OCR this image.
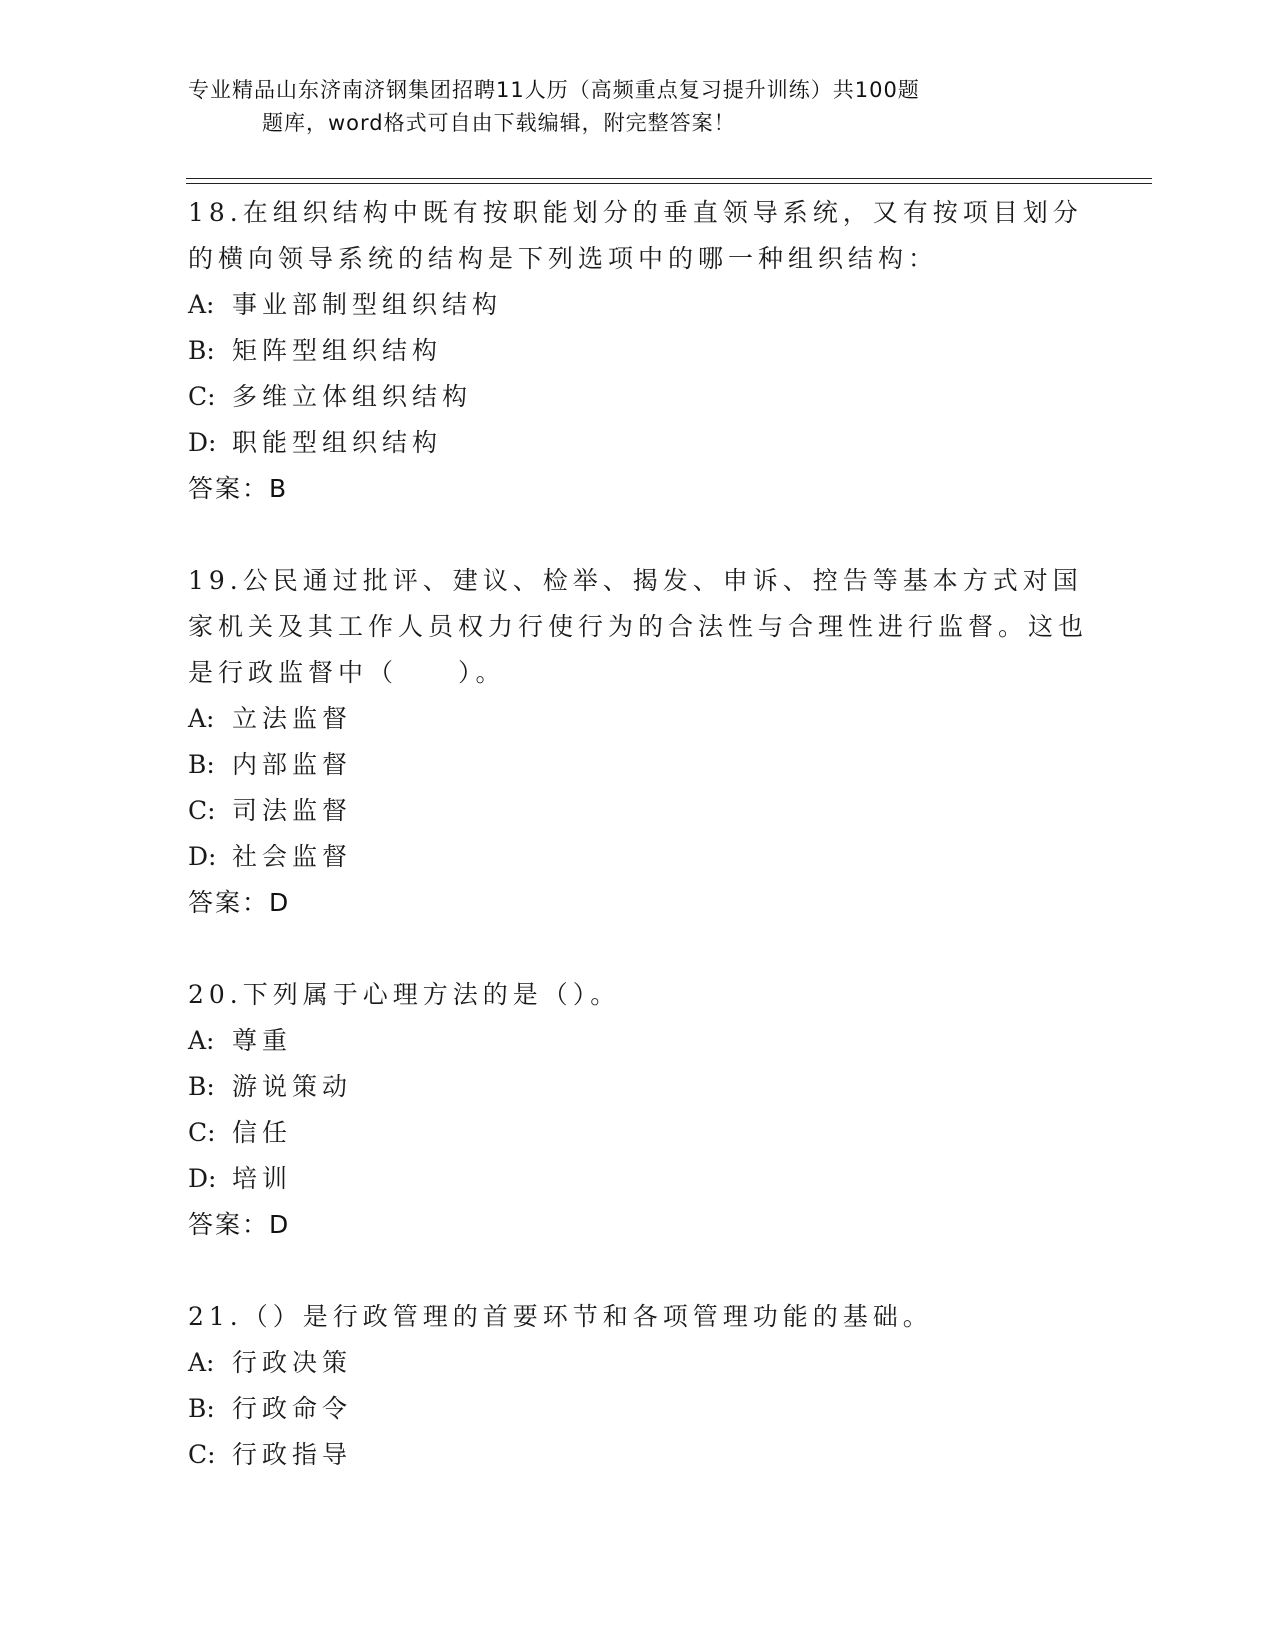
专业精品山东济南济钢集团招聘11人历（高频重点复习提升训练）共100题
题库，word格式可自由下载编辑，附完整答案！
18.在组织结构中既有按职能划分的垂直领导系统，又有按项目划分的横向领导系统的结构是下列选项中的哪一种组织结构：
A: 事业部制型组织结构
B: 矩阵型组织结构
C: 多维立体组织结构
D: 职能型组织结构
答案：B
19.公民通过批评、建议、检举、揭发、申诉、控告等基本方式对国家机关及其工作人员权力行使行为的合法性与合理性进行监督。这也是行政监督中（　　）。
A: 立法监督
B: 内部监督
C: 司法监督
D: 社会监督
答案：D
20.下列属于心理方法的是（）。
A: 尊重
B: 游说策动
C: 信任
D: 培训
答案：D
21.（）是行政管理的首要环节和各项管理功能的基础。
A: 行政决策
B: 行政命令
C: 行政指导
